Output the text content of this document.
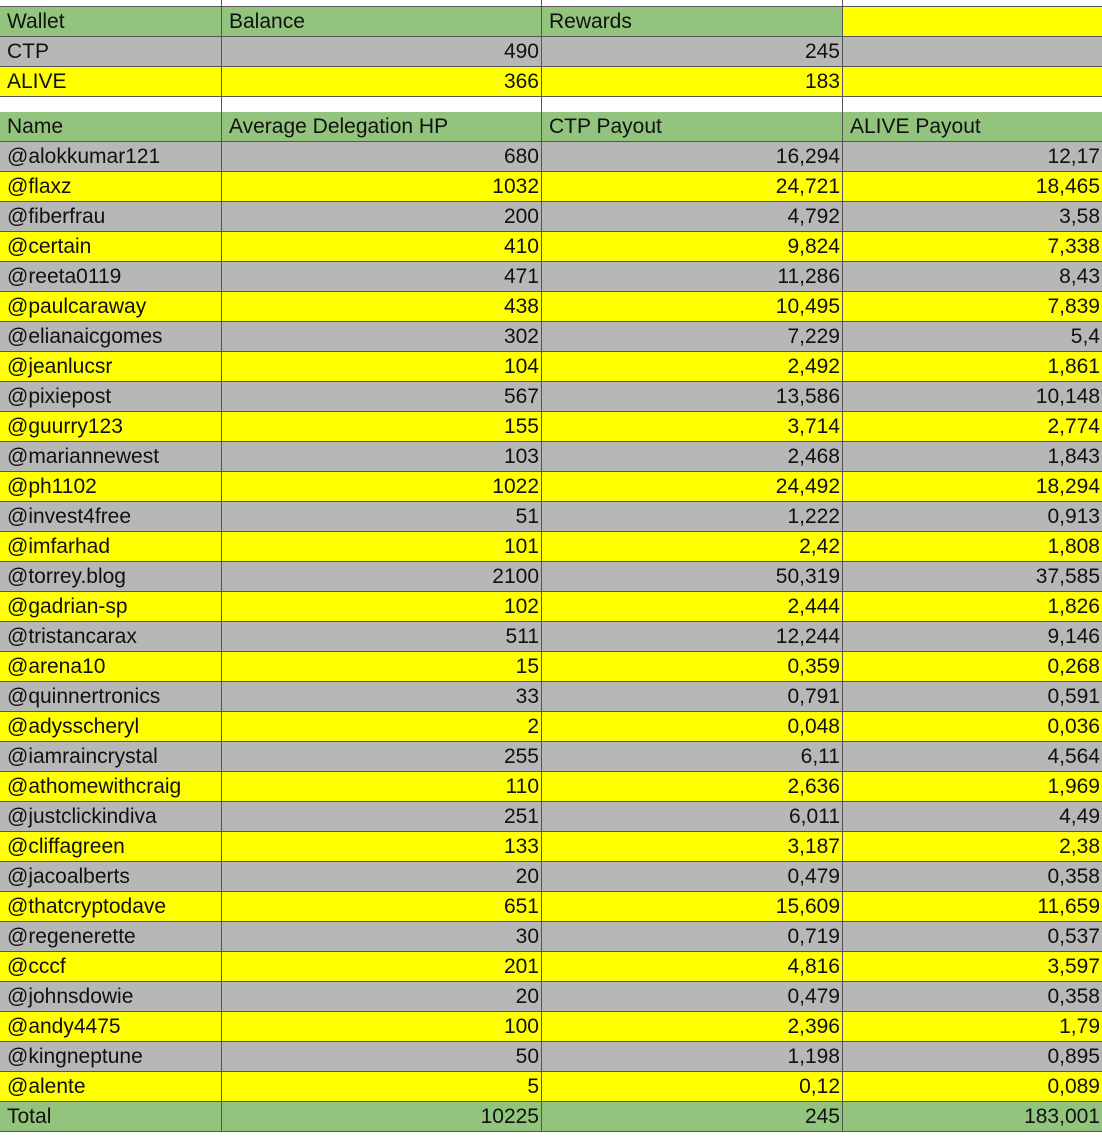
Wallet	Balance	Rewards
CTP	490	245
ALIVE	366	183
Name	Average Delegation HP	CTP Payout	ALIVE Payout
@alokkumar121	680	16,294	12,17
@flaxz	1032	24,721	18,465
@fiberfrau	200	4,792	3,58
@certain	410	9,824	7,338
@reeta0119	471	11,286	8,43
@paulcaraway	438	10,495	7,839
@elianaicgomes	302	7,229	5,4
@jeanlucsr	104	2,492	1,861
@pixiepost	567	13,586	10,148
@guurry123	155	3,714	2,774
@mariannewest	103	2,468	1,843
@ph1102	1022	24,492	18,294
@invest4free	51	1,222	0,913
@imfarhad	101	2,42	1,808
@torrey.blog	2100	50,319	37,585
@gadrian-sp	102	2,444	1,826
@tristancarax	511	12,244	9,146
@arena10	15	0,359	0,268
@quinnertronics	33	0,791	0,591
@adysscheryl	2	0,048	0,036
@iamraincrystal	255	6,11	4,564
@athomewithcraig	110	2,636	1,969
@justclickindiva	251	6,011	4,49
@cliffagreen	133	3,187	2,38
@jacoalberts	20	0,479	0,358
@thatcryptodave	651	15,609	11,659
@regenerette	30	0,719	0,537
@cccf	201	4,816	3,597
@johnsdowie	20	0,479	0,358
@andy4475	100	2,396	1,79
@kingneptune	50	1,198	0,895
@alente	5	0,12	0,089
Total	10225	245	183,001
